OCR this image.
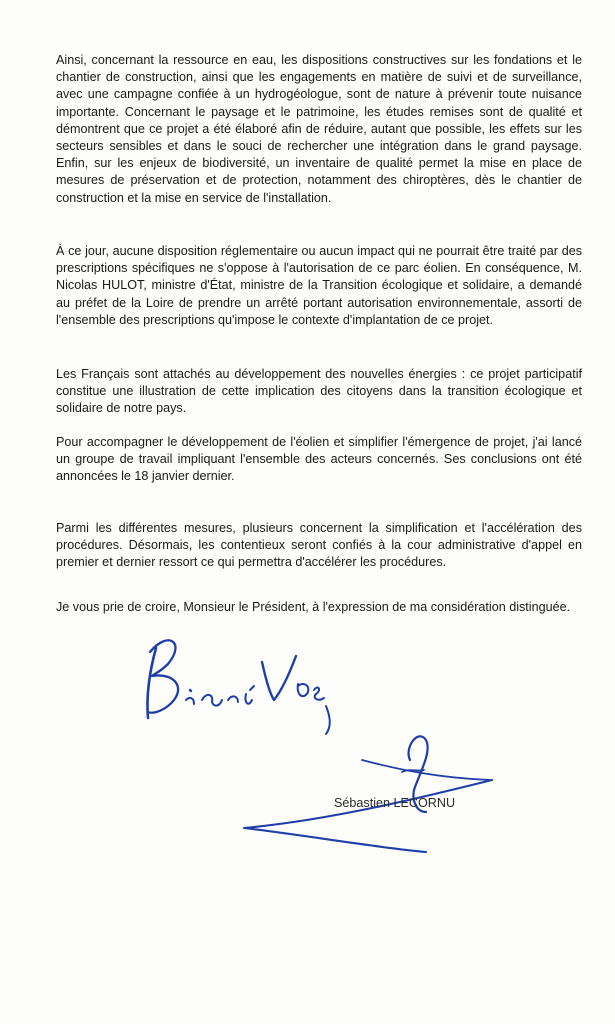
Ainsi, concernant la ressource en eau, les dispositions constructives sur les fondations et le chantier de construction, ainsi que les engagements en matière de suivi et de surveillance, avec une campagne confiée à un hydrogéologue, sont de nature à prévenir toute nuisance importante. Concernant le paysage et le patrimoine, les études remises sont de qualité et démontrent que ce projet a été élaboré afin de réduire, autant que possible, les effets sur les secteurs sensibles et dans le souci de rechercher une intégration dans le grand paysage. Enfin, sur les enjeux de biodiversité, un inventaire de qualité permet la mise en place de mesures de préservation et de protection, notamment des chiroptères, dès le chantier de construction et la mise en service de l'installation.

À ce jour, aucune disposition réglementaire ou aucun impact qui ne pourrait être traité par des prescriptions spécifiques ne s'oppose à l'autorisation de ce parc éolien. En conséquence, M. Nicolas HULOT, ministre d'État, ministre de la Transition écologique et solidaire, a demandé au préfet de la Loire de prendre un arrêté portant autorisation environnementale, assorti de l'ensemble des prescriptions qu'impose le contexte d'implantation de ce projet.

Les Français sont attachés au développement des nouvelles énergies : ce projet participatif constitue une illustration de cette implication des citoyens dans la transition écologique et solidaire de notre pays.

Pour accompagner le développement de l'éolien et simplifier l'émergence de projet, j'ai lancé un groupe de travail impliquant l'ensemble des acteurs concernés. Ses conclusions ont été annoncées le 18 janvier dernier.

Parmi les différentes mesures, plusieurs concernent la simplification et l'accélération des procédures. Désormais, les contentieux seront confiés à la cour administrative d'appel en premier et dernier ressort ce qui permettra d'accélérer les procédures.

Je vous prie de croire, Monsieur le Président, à l'expression de ma considération distinguée.

Sébastien LECORNU
